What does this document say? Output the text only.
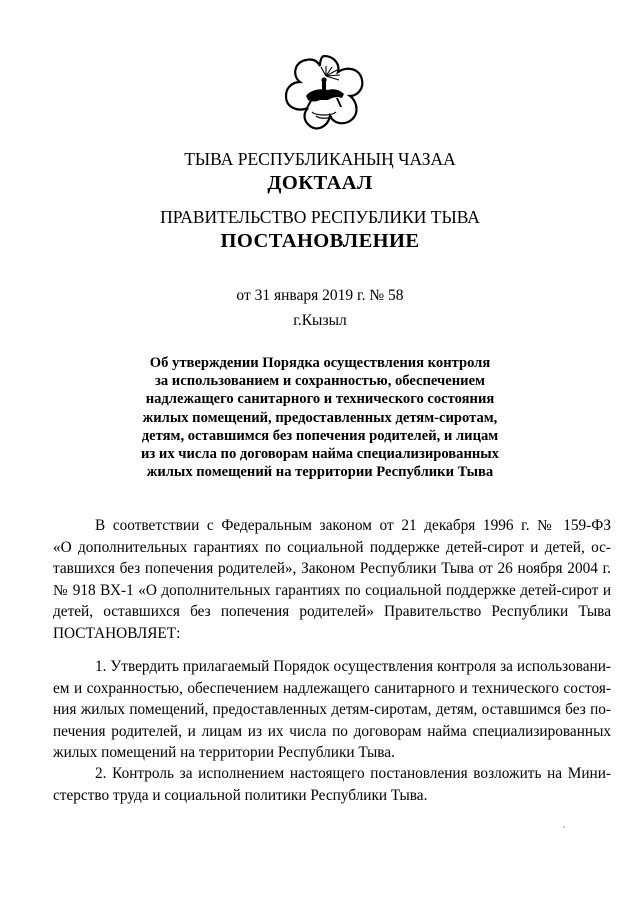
ТЫВА РЕСПУБЛИКАНЫҢ ЧАЗАА
ДОКТААЛ
ПРАВИТЕЛЬСТВО РЕСПУБЛИКИ ТЫВА
ПОСТАНОВЛЕНИЕ
от 31 января 2019 г. № 58
г.Кызыл
Об утверждении Порядка осуществления контроля
за использованием и сохранностью, обеспечением
надлежащего санитарного и технического состояния
жилых помещений, предоставленных детям-сиротам,
детям, оставшимся без попечения родителей, и лицам
из их числа по договорам найма специализированных
жилых помещений на территории Республики Тыва
В соответствии с Федеральным законом от 21 декабря 1996 г. № 159-ФЗ
«О дополнительных гарантиях по социальной поддержке детей-сирот и детей, ос-
тавшихся без попечения родителей», Законом Республики Тыва от 26 ноября 2004 г.
№ 918 ВХ-1 «О дополнительных гарантиях по социальной поддержке детей-сирот и
детей, оставшихся без попечения родителей» Правительство Республики Тыва
ПОСТАНОВЛЯЕТ:
1. Утвердить прилагаемый Порядок осуществления контроля за использовани-
ем и сохранностью, обеспечением надлежащего санитарного и технического состоя-
ния жилых помещений, предоставленных детям-сиротам, детям, оставшимся без по-
печения родителей, и лицам из их числа по договорам найма специализированных
жилых помещений на территории Республики Тыва.
2. Контроль за исполнением настоящего постановления возложить на Мини-
стерство труда и социальной политики Республики Тыва.
